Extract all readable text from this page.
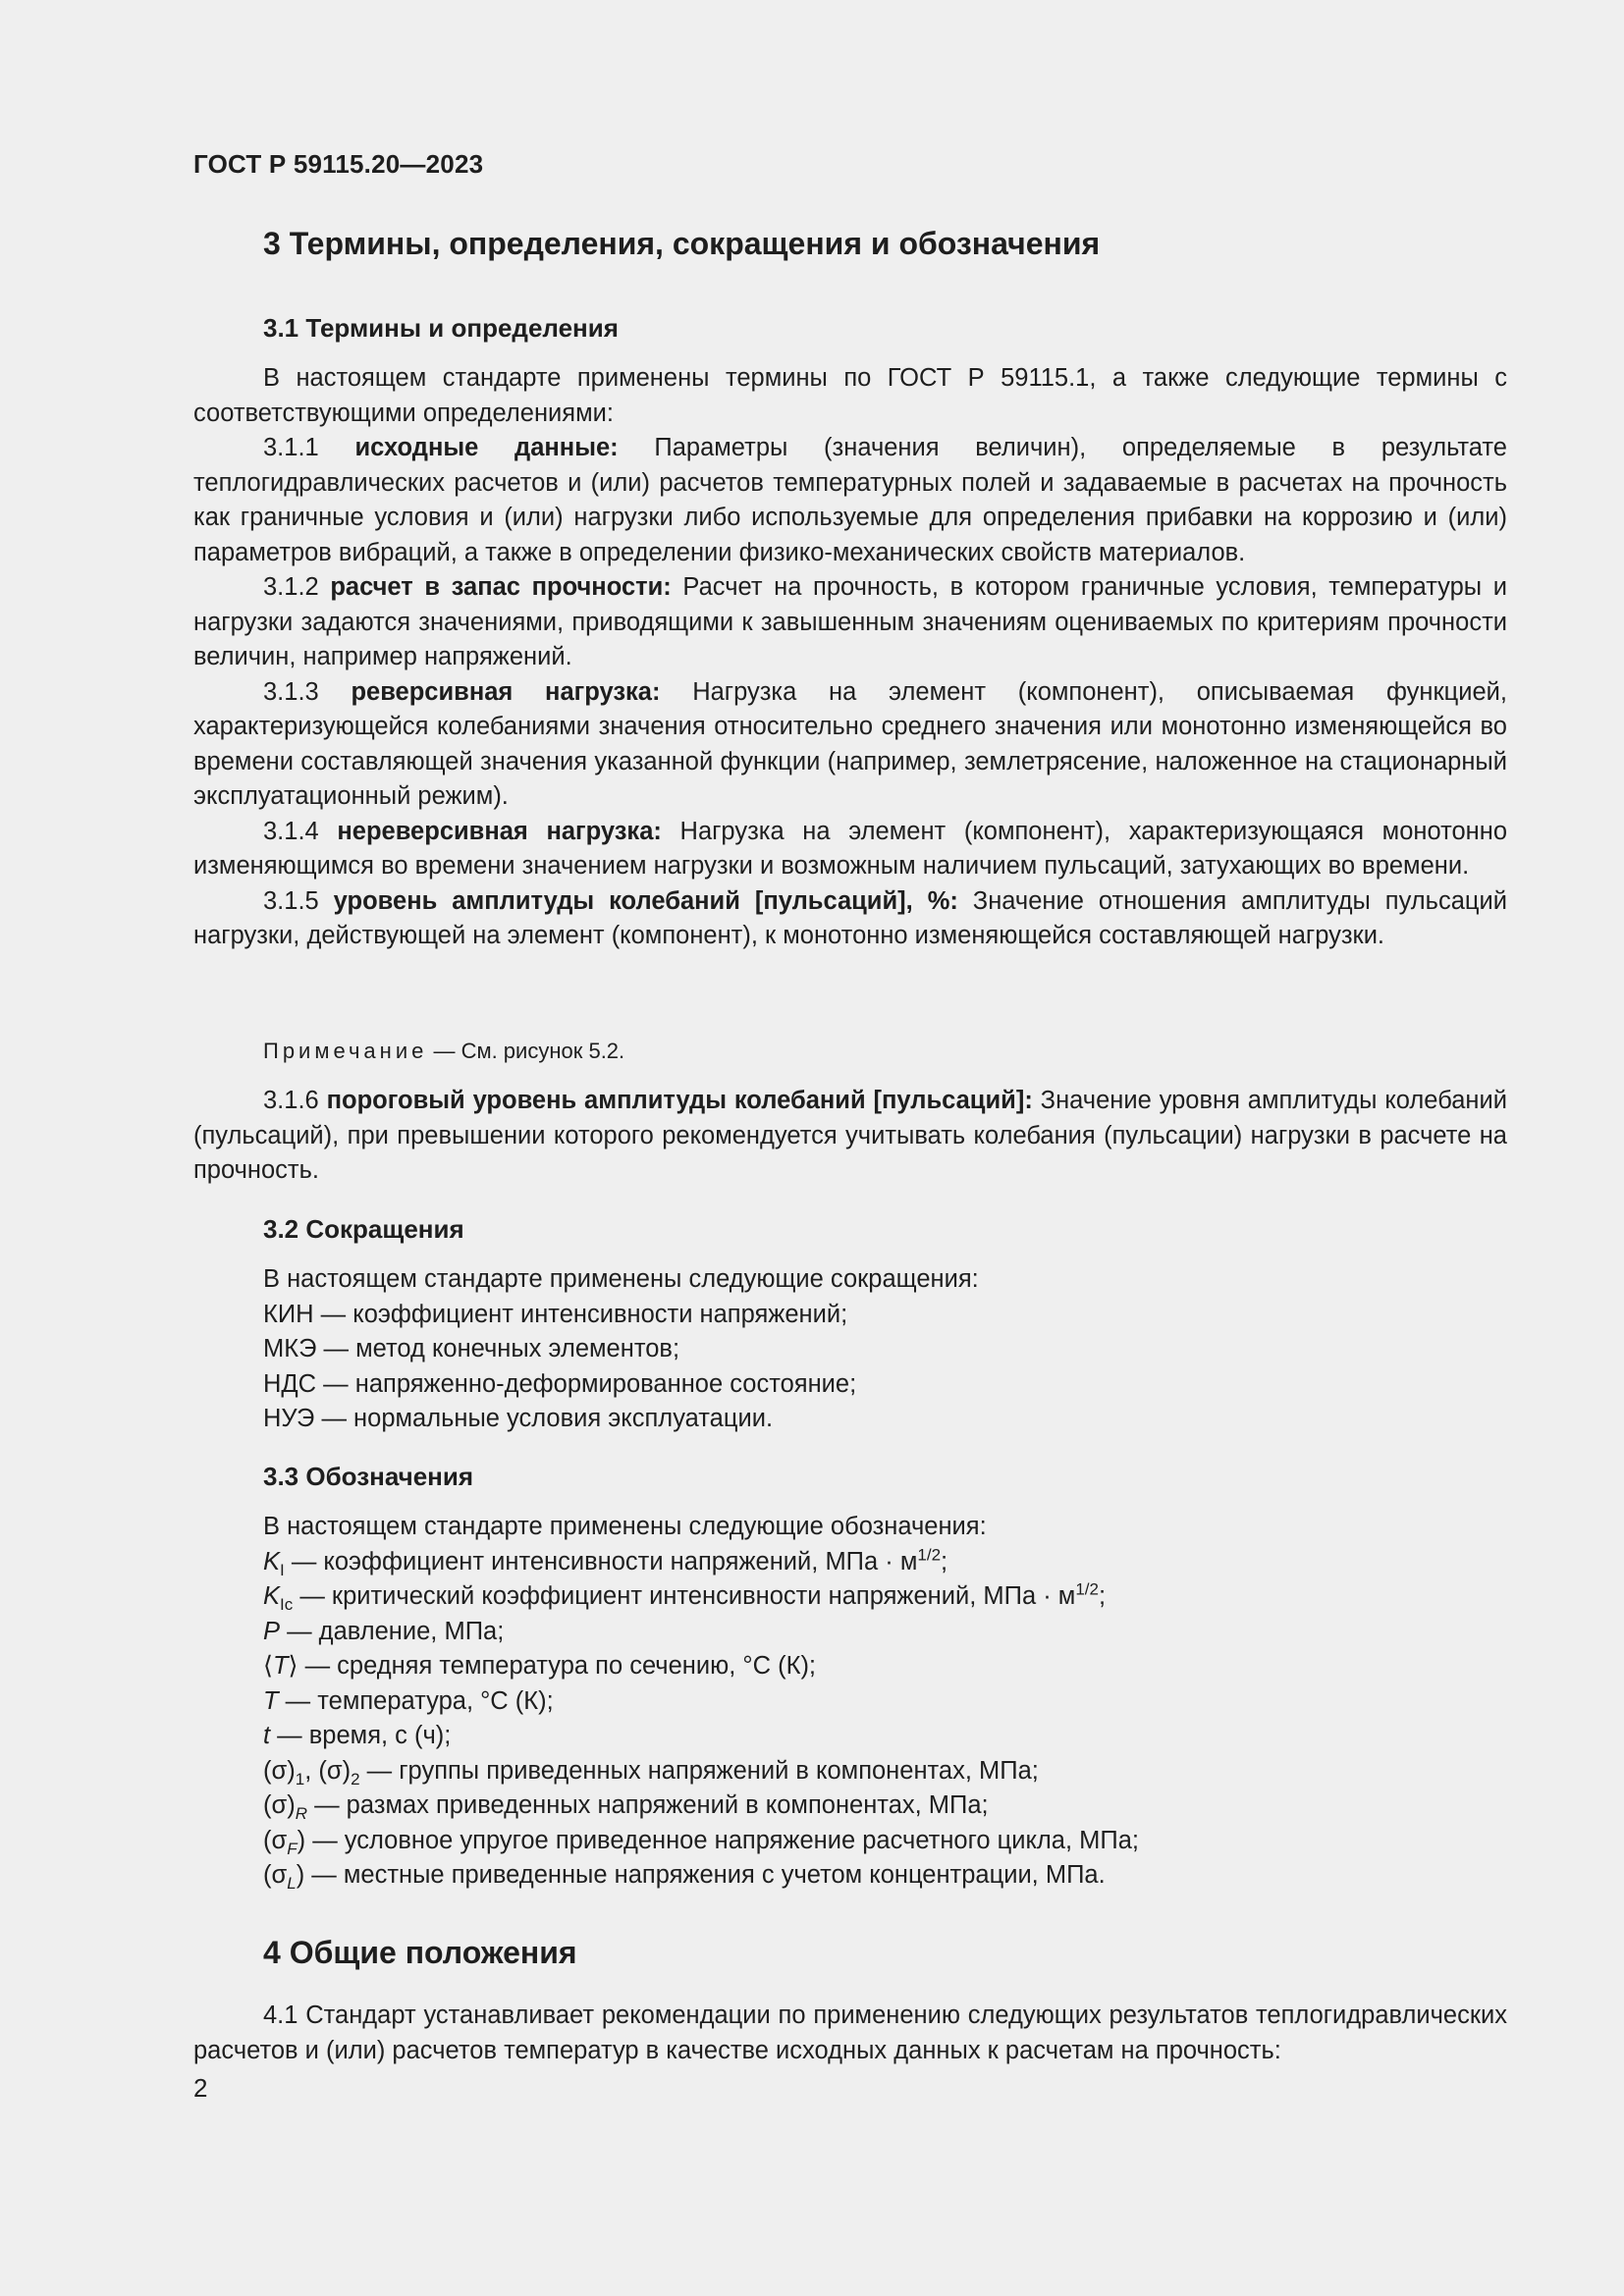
ГОСТ Р 59115.20—2023
3 Термины, определения, сокращения и обозначения
3.1 Термины и определения

В настоящем стандарте применены термины по ГОСТ Р 59115.1, а также следующие термины с соответствующими определениями:

3.1.1 исходные данные: Параметры (значения величин), определяемые в результате теплогидравлических расчетов и (или) расчетов температурных полей и задаваемые в расчетах на прочность как граничные условия и (или) нагрузки либо используемые для определения прибавки на коррозию и (или) параметров вибраций, а также в определении физико-механических свойств материалов.

3.1.2 расчет в запас прочности: Расчет на прочность, в котором граничные условия, температуры и нагрузки задаются значениями, приводящими к завышенным значениям оцениваемых по критериям прочности величин, например напряжений.

3.1.3 реверсивная нагрузка: Нагрузка на элемент (компонент), описываемая функцией, характеризующейся колебаниями значения относительно среднего значения или монотонно изменяющейся во времени составляющей значения указанной функции (например, землетрясение, наложенное на стационарный эксплуатационный режим).

3.1.4 нереверсивная нагрузка: Нагрузка на элемент (компонент), характеризующаяся монотонно изменяющимся во времени значением нагрузки и возможным наличием пульсаций, затухающих во времени.

3.1.5 уровень амплитуды колебаний [пульсаций], %: Значение отношения амплитуды пульсаций нагрузки, действующей на элемент (компонент), к монотонно изменяющейся составляющей нагрузки.

Примечание — См. рисунок 5.2.

3.1.6 пороговый уровень амплитуды колебаний [пульсаций]: Значение уровня амплитуды колебаний (пульсаций), при превышении которого рекомендуется учитывать колебания (пульсации) нагрузки в расчете на прочность.

3.2 Сокращения

В настоящем стандарте применены следующие сокращения:

КИН — коэффициент интенсивности напряжений;

МКЭ — метод конечных элементов;

НДС — напряженно-деформированное состояние;

НУЭ — нормальные условия эксплуатации.

3.3 Обозначения

В настоящем стандарте применены следующие обозначения:

$K_I$ — коэффициент интенсивности напряжений, МПа · $м^{1/2}$;

$K_{Ic}$ — критический коэффициент интенсивности напряжений, МПа · $м^{1/2}$;

P — давление, МПа;

⟨T⟩ — средняя температура по сечению, °С (К);

T — температура, °С (К);

t — время, с (ч);

$(\sigma)_1$, $(\sigma)_2$ — группы приведенных напряжений в компонентах, МПа;

$(\sigma)_R$ — размах приведенных напряжений в компонентах, МПа;

$(\sigma_F)$ — условное упругое приведенное напряжение расчетного цикла, МПа;

$(\sigma_L)$ — местные приведенные напряжения с учетом концентрации, МПа.

4 Общие положения

4.1 Стандарт устанавливает рекомендации по применению следующих результатов теплогидравлических расчетов и (или) расчетов температур в качестве исходных данных к расчетам на прочность:

2
